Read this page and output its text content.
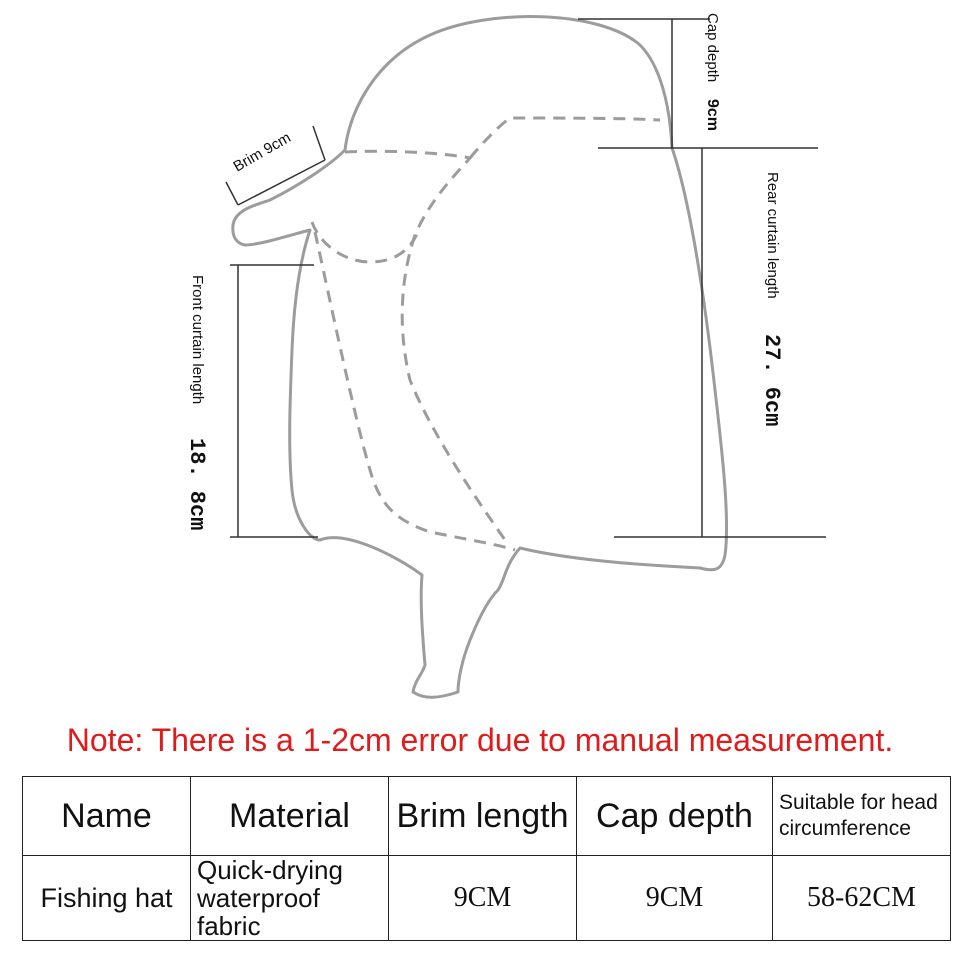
Brim 9cm
Cap depth
9cm
Rear curtain length
27. 6cm
Front curtain length
18. 8cm
Note: There is a 1-2cm error due to manual measurement.
Name	Material	Brim length	Cap depth	Suitable for head
circumference
Fishing hat	Quick-drying
waterproof fabric	9CM	9CM	58-62CM
